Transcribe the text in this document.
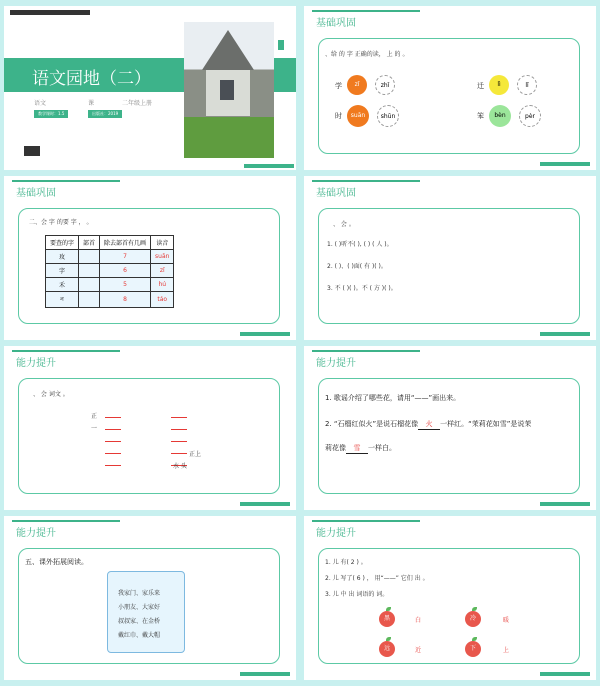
语文园地（二）
语文	课	二年级上册
教学课时：1.5	出版社：2019
基础巩固
、给 的 字 正确的读， 上 的 。
学	zǐ	zhǐ
时	suān	shūn
迁	lì	lǐ
笨	bèn	pèr
基础巩固
二、会 字 的要 字 ， 。
要查的字	部首	除去部首有几画	读音
玫		7	suān
字		6	zǐ
禾		5	hú
ন		8	táo
基础巩固
、 会 。
1. ( )听不( ), ( ) ( 人 )。
2. ( )、( )面( 有 )( )。
3. 不 ( )( )。不 ( 方 )( )。
能力提升
、 会 词文 。
正
一
正上
水 头
能力提升
1. 歌谣介绍了哪些花，请用“——”画出来。
2. “石榴红似火”是说石榴花像 火 一样红。“茉莉花如雪”是说茉
莉花像 雪 一样白。
能力提升
五、课外拓展阅读。
我家门、家乐来
小朋友、大家好
叔叔家、在金桥
戴红巾、戴大帽
能力提升
1. 儿 有( 2 ) 。
2. 儿 写了( 6 ) ， 用“——” 它们 出 。
3. 儿 中 出 词语的 词。
黑	白
远	近
冷	暖
下	上
